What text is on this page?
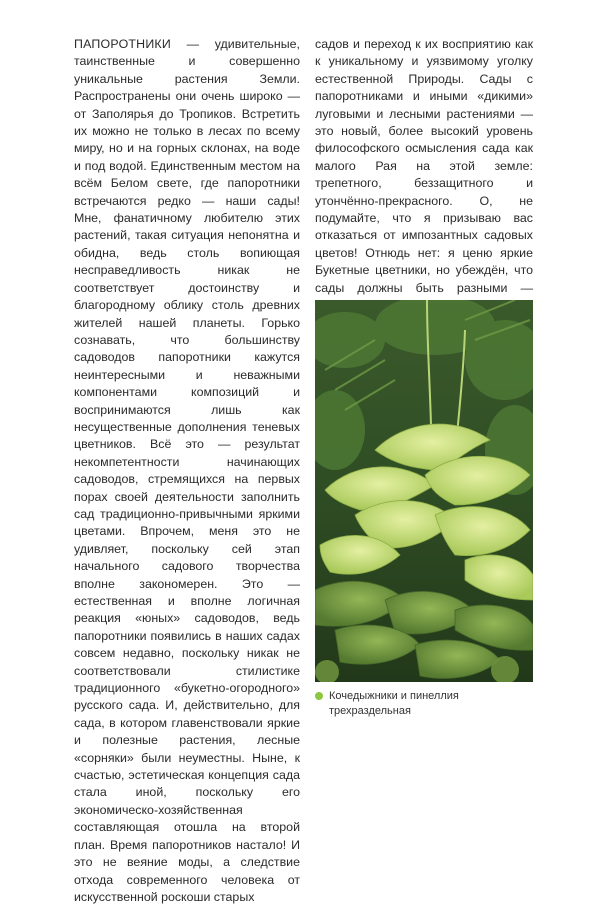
ПАПОРОТНИКИ — удивительные, таинственные и совершенно уникальные растения Земли. Распространены они очень широко — от Заполярья до Тропиков. Встретить их можно не только в лесах по всему миру, но и на горных склонах, на воде и под водой. Единственным местом на всём Белом свете, где папоротники встречаются редко — наши сады! Мне, фанатичному любителю этих растений, такая ситуация непонятна и обидна, ведь столь вопиющая несправедливость никак не соответствует достоинству и благородному облику столь древних жителей нашей планеты. Горько сознавать, что большинству садоводов папоротники кажутся неинтересными и неважными компонентами композиций и воспринимаются лишь как несущественные дополнения теневых цветников. Всё это — результат некомпетентности начинающих садоводов, стремящихся на первых порах своей деятельности заполнить сад традиционно-привычными яркими цветами. Впрочем, меня это не удивляет, поскольку сей этап начального садового творчества вполне закономерен. Это — естественная и вполне логичная реакция «юных» садоводов, ведь папоротники появились в наших садах совсем недавно, поскольку никак не соответствовали стилистике традиционного «букетно-огородного» русского сада. И, действительно, для сада, в котором главенствовали яркие и полезные растения, лесные «сорняки» были неуместны. Ныне, к счастью, эстетическая концепция сада стала иной, поскольку его экономическо-хозяйственная составляющая отошла на второй план. Время папоротников настало! И это не веяние моды, а следствие отхода современного человека от искусственной роскоши старых

садов и переход к их восприятию как к уникальному и уязвимому уголку естественной Природы. Сады с папоротниками и иными «дикими» луговыми и лесными растениями — это новый, более высокий уровень философского осмысления сада как малого Рая на этой земле: трепетного, беззащитного и утончённо-прекрасного. О, не подумайте, что я призываю вас отказаться от импозантных садовых цветов! Отнюдь нет: я ценю яркие Букетные цветники, но убеждён, что сады должны быть разными —

Кочедыжники и пинеллия трехраздельная
